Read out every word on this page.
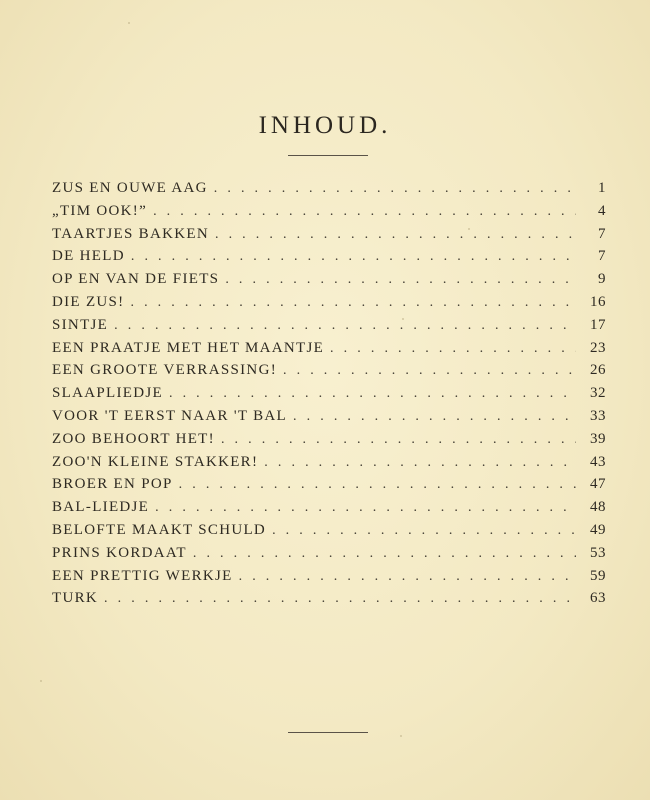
INHOUD.
ZUS EN OUWE AAG . . .	1
„TIM OOK!” . . .	4
TAARTJES BAKKEN . . .	7
DE HELD . . .	7
OP EN VAN DE FIETS . . .	9
DIE ZUS! . . .	16
SINTJE . . .	17
EEN PRAATJE MET HET MAANTJE . . .	23
EEN GROOTE VERRASSING! . . .	26
SLAAPLIEDJE . . .	32
VOOR 'T EERST NAAR 'T BAL . . .	33
ZOO BEHOORT HET! . . .	39
ZOO'N KLEINE STAKKER! . . .	43
BROER EN POP . . .	47
BAL-LIEDJE . . .	48
BELOFTE MAAKT SCHULD . . .	49
PRINS KORDAAT . . .	53
EEN PRETTIG WERKJE . . .	59
TURK . . .	63
